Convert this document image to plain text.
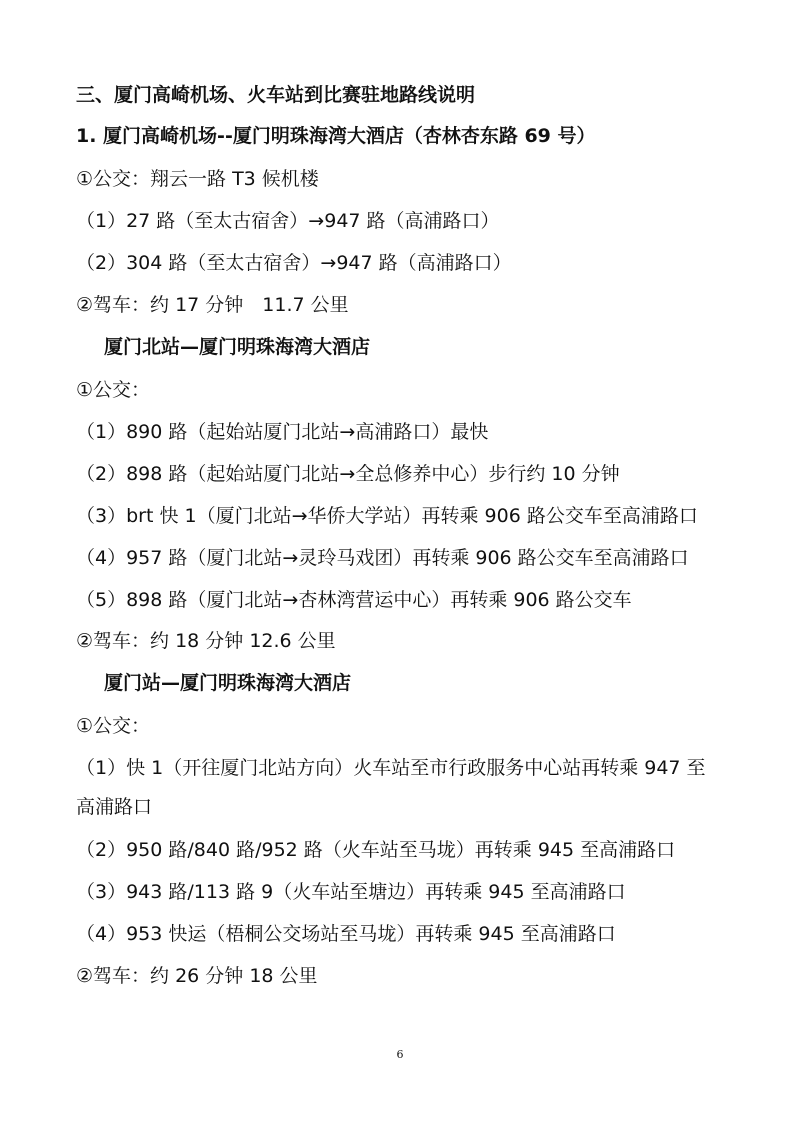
三、厦门高崎机场、火车站到比赛驻地路线说明
1. 厦门高崎机场--厦门明珠海湾大酒店（杏林杏东路 69 号）
①公交：翔云一路 T3 候机楼
（1）27 路（至太古宿舍）→947 路（高浦路口）
（2）304 路（至太古宿舍）→947 路（高浦路口）
②驾车：约 17 分钟　11.7 公里
厦门北站—厦门明珠海湾大酒店
①公交：
（1）890 路（起始站厦门北站→高浦路口）最快
（2）898 路（起始站厦门北站→全总修养中心）步行约 10 分钟
（3）brt 快 1（厦门北站→华侨大学站）再转乘 906 路公交车至高浦路口
（4）957 路（厦门北站→灵玲马戏团）再转乘 906 路公交车至高浦路口
（5）898 路（厦门北站→杏林湾营运中心）再转乘 906 路公交车
②驾车：约 18 分钟 12.6 公里
厦门站—厦门明珠海湾大酒店
①公交：
（1）快 1（开往厦门北站方向）火车站至市行政服务中心站再转乘 947 至
高浦路口
（2）950 路/840 路/952 路（火车站至马垅）再转乘 945 至高浦路口
（3）943 路/113 路 9（火车站至塘边）再转乘 945 至高浦路口
（4）953 快运（梧桐公交场站至马垅）再转乘 945 至高浦路口
②驾车：约 26 分钟 18 公里
6
